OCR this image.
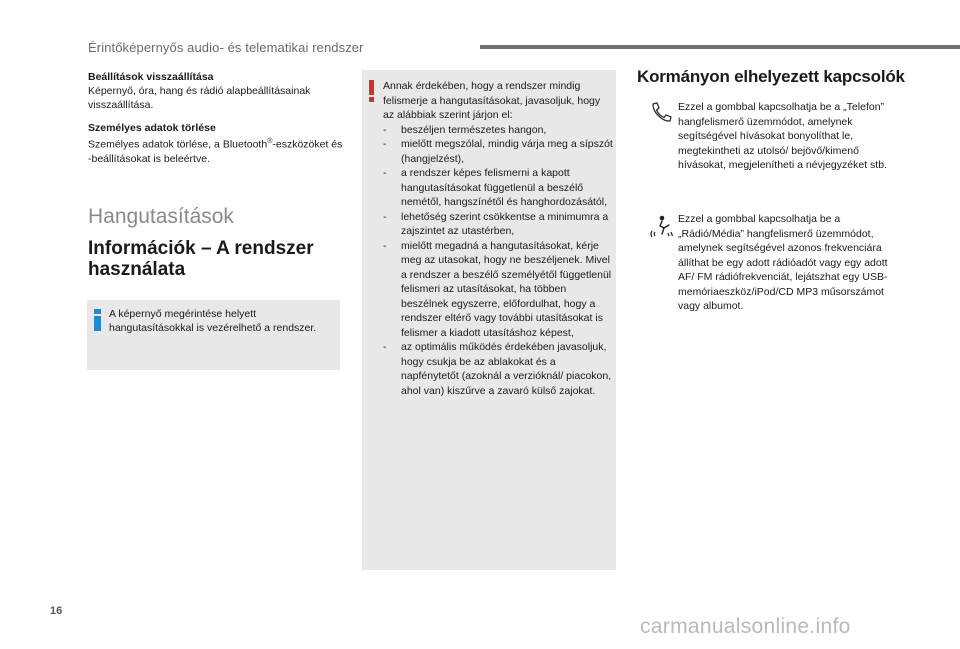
Érintőképernyős audio- és telematikai rendszer
Beállítások visszaállítása
Képernyő, óra, hang és rádió alapbeállításainak visszaállítása.
Személyes adatok törlése
Személyes adatok törlése, a Bluetooth®-eszközöket és -beállításokat is beleértve.
Hangutasítások
Információk – A rendszer használata
A képernyő megérintése helyett hangutasításokkal is vezérelhető a rendszer.
Annak érdekében, hogy a rendszer mindig felismerje a hangutasításokat, javasoljuk, hogy az alábbiak szerint járjon el:
- beszéljen természetes hangon,
- mielőtt megszólal, mindig várja meg a sípszót (hangjelzést),
- a rendszer képes felismerni a kapott hangutasításokat függetlenül a beszélő nemétől, hangszínétől és hanghordozásától,
- lehetőség szerint csökkentse a minimumra a zajszintet az utastérben,
- mielőtt megadná a hangutasításokat, kérje meg az utasokat, hogy ne beszéljenek. Mivel a rendszer a beszélő személyétől függetlenül felismeri az utasításokat, ha többen beszélnek egyszerre, előfordulhat, hogy a rendszer eltérő vagy további utasításokat is felismer a kiadott utasításhoz képest,
- az optimális működés érdekében javasoljuk, hogy csukja be az ablakokat és a napfénytetőt (azoknál a verzióknál/ piacokon, ahol van) kiszűrve a zavaró külső zajokat.
Kormányon elhelyezett kapcsolók
Ezzel a gombbal kapcsolhatja be a „Telefon” hangfelismerő üzemmódot, amelynek segítségével hívásokat bonyolíthat le, megtekintheti az utolsó/ bejövő/kimenő hívásokat, megjelenítheti a névjegyzéket stb.
Ezzel a gombbal kapcsolhatja be a „Rádió/Média” hangfelismerő üzemmódot, amelynek segítségével azonos frekvenciára állíthat be egy adott rádióadót vagy egy adott AF/ FM rádiófrekvenciát, lejátszhat egy USB-memóriaeszköz/iPod/CD MP3 műsorszámot vagy albumot.
16
carmanualsonline.info
